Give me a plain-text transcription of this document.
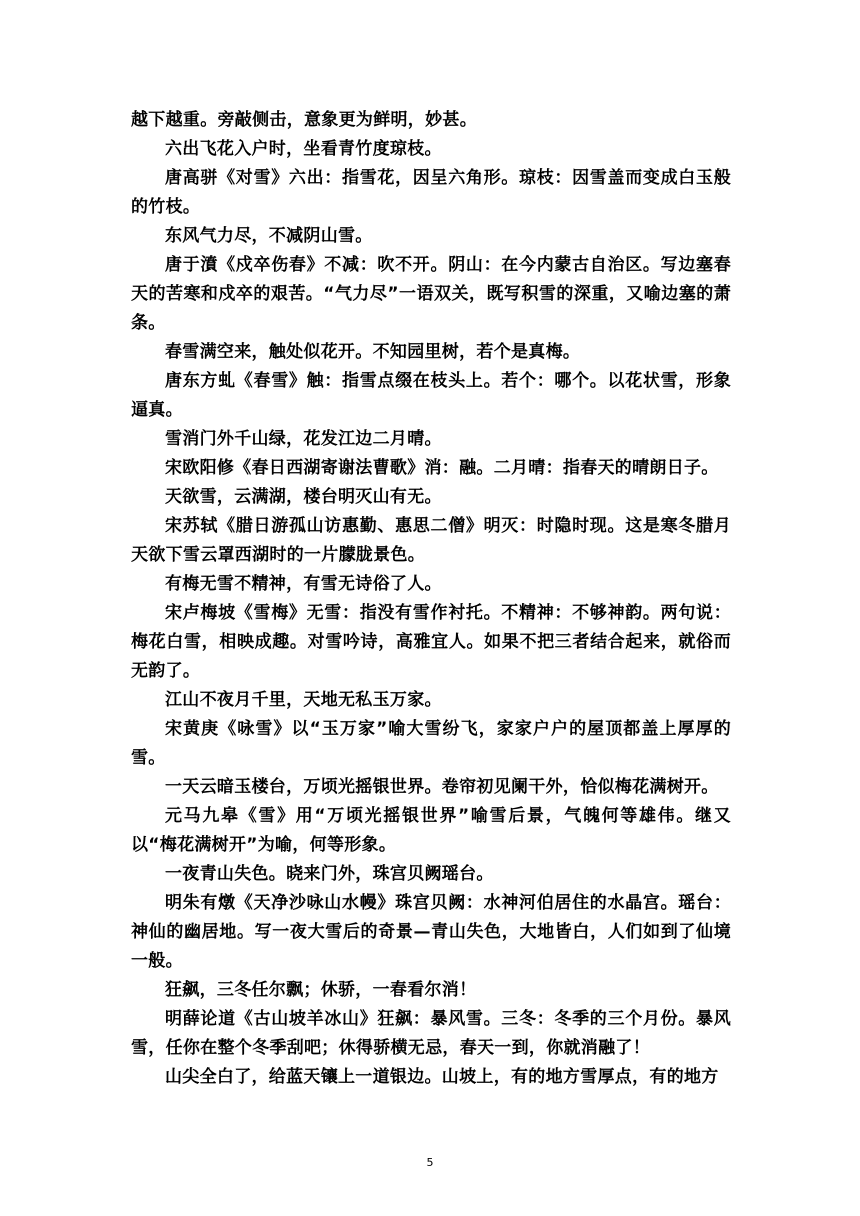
越下越重。旁敲侧击，意象更为鲜明，妙甚。

六出飞花入户时，坐看青竹度琼枝。

唐高骈《对雪》六出：指雪花，因呈六角形。琼枝：因雪盖而变成白玉般的竹枝。

东风气力尽，不减阴山雪。

唐于濆《戍卒伤春》不减：吹不开。阴山：在今内蒙古自治区。写边塞春天的苦寒和戍卒的艰苦。“气力尽”一语双关，既写积雪的深重，又喻边塞的萧条。

春雪满空来，触处似花开。不知园里树，若个是真梅。

唐东方虬《春雪》触：指雪点缀在枝头上。若个：哪个。以花状雪，形象逼真。

雪消门外千山绿，花发江边二月晴。

宋欧阳修《春日西湖寄谢法曹歌》消：融。二月晴：指春天的晴朗日子。

天欲雪，云满湖，楼台明灭山有无。

宋苏轼《腊日游孤山访惠勤、惠思二僧》明灭：时隐时现。这是寒冬腊月天欲下雪云罩西湖时的一片朦胧景色。

有梅无雪不精神，有雪无诗俗了人。

宋卢梅坡《雪梅》无雪：指没有雪作衬托。不精神：不够神韵。两句说：梅花白雪，相映成趣。对雪吟诗，高雅宜人。如果不把三者结合起来，就俗而无韵了。

江山不夜月千里，天地无私玉万家。

宋黄庚《咏雪》以“玉万家”喻大雪纷飞，家家户户的屋顶都盖上厚厚的雪。

一天云暗玉楼台，万顷光摇银世界。卷帘初见阑干外，恰似梅花满树开。

元马九皋《雪》用“万顷光摇银世界”喻雪后景，气魄何等雄伟。继又以“梅花满树开”为喻，何等形象。

一夜青山失色。晓来门外，珠宫贝阙瑶台。

明朱有燉《天净沙咏山水幔》珠宫贝阙：水神河伯居住的水晶宫。瑶台：神仙的幽居地。写一夜大雪后的奇景—青山失色，大地皆白，人们如到了仙境一般。

狂飙，三冬任尔飘；休骄，一春看尔消！

明薛论道《古山坡羊冰山》狂飙：暴风雪。三冬：冬季的三个月份。暴风雪，任你在整个冬季刮吧；休得骄横无忌，春天一到，你就消融了！

山尖全白了，给蓝天镶上一道银边。山坡上，有的地方雪厚点，有的地方

5
